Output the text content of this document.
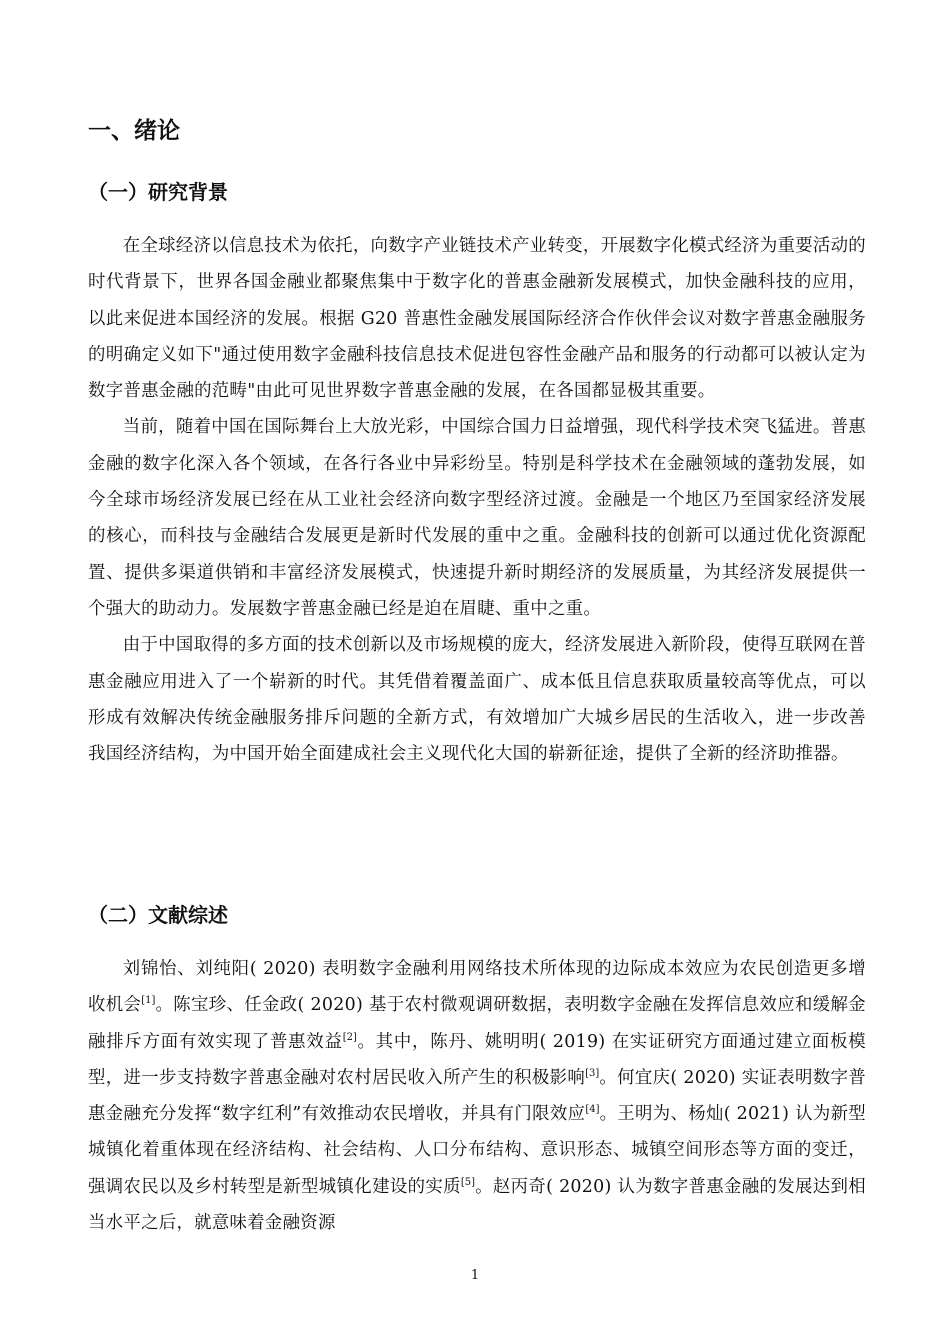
一、绪论
（一）研究背景

在全球经济以信息技术为依托，向数字产业链技术产业转变，开展数字化模式经济为重要活动的时代背景下，世界各国金融业都聚焦集中于数字化的普惠金融新发展模式，加快金融科技的应用，以此来促进本国经济的发展。根据 G20 普惠性金融发展国际经济合作伙伴会议对数字普惠金融服务的明确定义如下"通过使用数字金融科技信息技术促进包容性金融产品和服务的行动都可以被认定为数字普惠金融的范畴"由此可见世界数字普惠金融的发展，在各国都显极其重要。

当前，随着中国在国际舞台上大放光彩，中国综合国力日益增强，现代科学技术突飞猛进。普惠金融的数字化深入各个领域，在各行各业中异彩纷呈。特别是科学技术在金融领域的蓬勃发展，如今全球市场经济发展已经在从工业社会经济向数字型经济过渡。金融是一个地区乃至国家经济发展的核心，而科技与金融结合发展更是新时代发展的重中之重。金融科技的创新可以通过优化资源配置、提供多渠道供销和丰富经济发展模式，快速提升新时期经济的发展质量，为其经济发展提供一个强大的助动力。发展数字普惠金融已经是迫在眉睫、重中之重。

由于中国取得的多方面的技术创新以及市场规模的庞大，经济发展进入新阶段，使得互联网在普惠金融应用进入了一个崭新的时代。其凭借着覆盖面广、成本低且信息获取质量较高等优点，可以形成有效解决传统金融服务排斥问题的全新方式，有效增加广大城乡居民的生活收入，进一步改善我国经济结构，为中国开始全面建成社会主义现代化大国的崭新征途，提供了全新的经济助推器。

（二）文献综述

刘锦怡、刘纯阳( 2020) 表明数字金融利用网络技术所体现的边际成本效应为农民创造更多增收机会[1]。陈宝珍、任金政( 2020) 基于农村微观调研数据，表明数字金融在发挥信息效应和缓解金融排斥方面有效实现了普惠效益[2]。其中，陈丹、姚明明( 2019) 在实证研究方面通过建立面板模型，进一步支持数字普惠金融对农村居民收入所产生的积极影响[3]。何宜庆( 2020) 实证表明数字普惠金融充分发挥“数字红利”有效推动农民增收，并具有门限效应[4]。王明为、杨灿( 2021) 认为新型城镇化着重体现在经济结构、社会结构、人口分布结构、意识形态、城镇空间形态等方面的变迁，强调农民以及乡村转型是新型城镇化建设的实质[5]。赵丙奇( 2020) 认为数字普惠金融的发展达到相当水平之后，就意味着金融资源

1
